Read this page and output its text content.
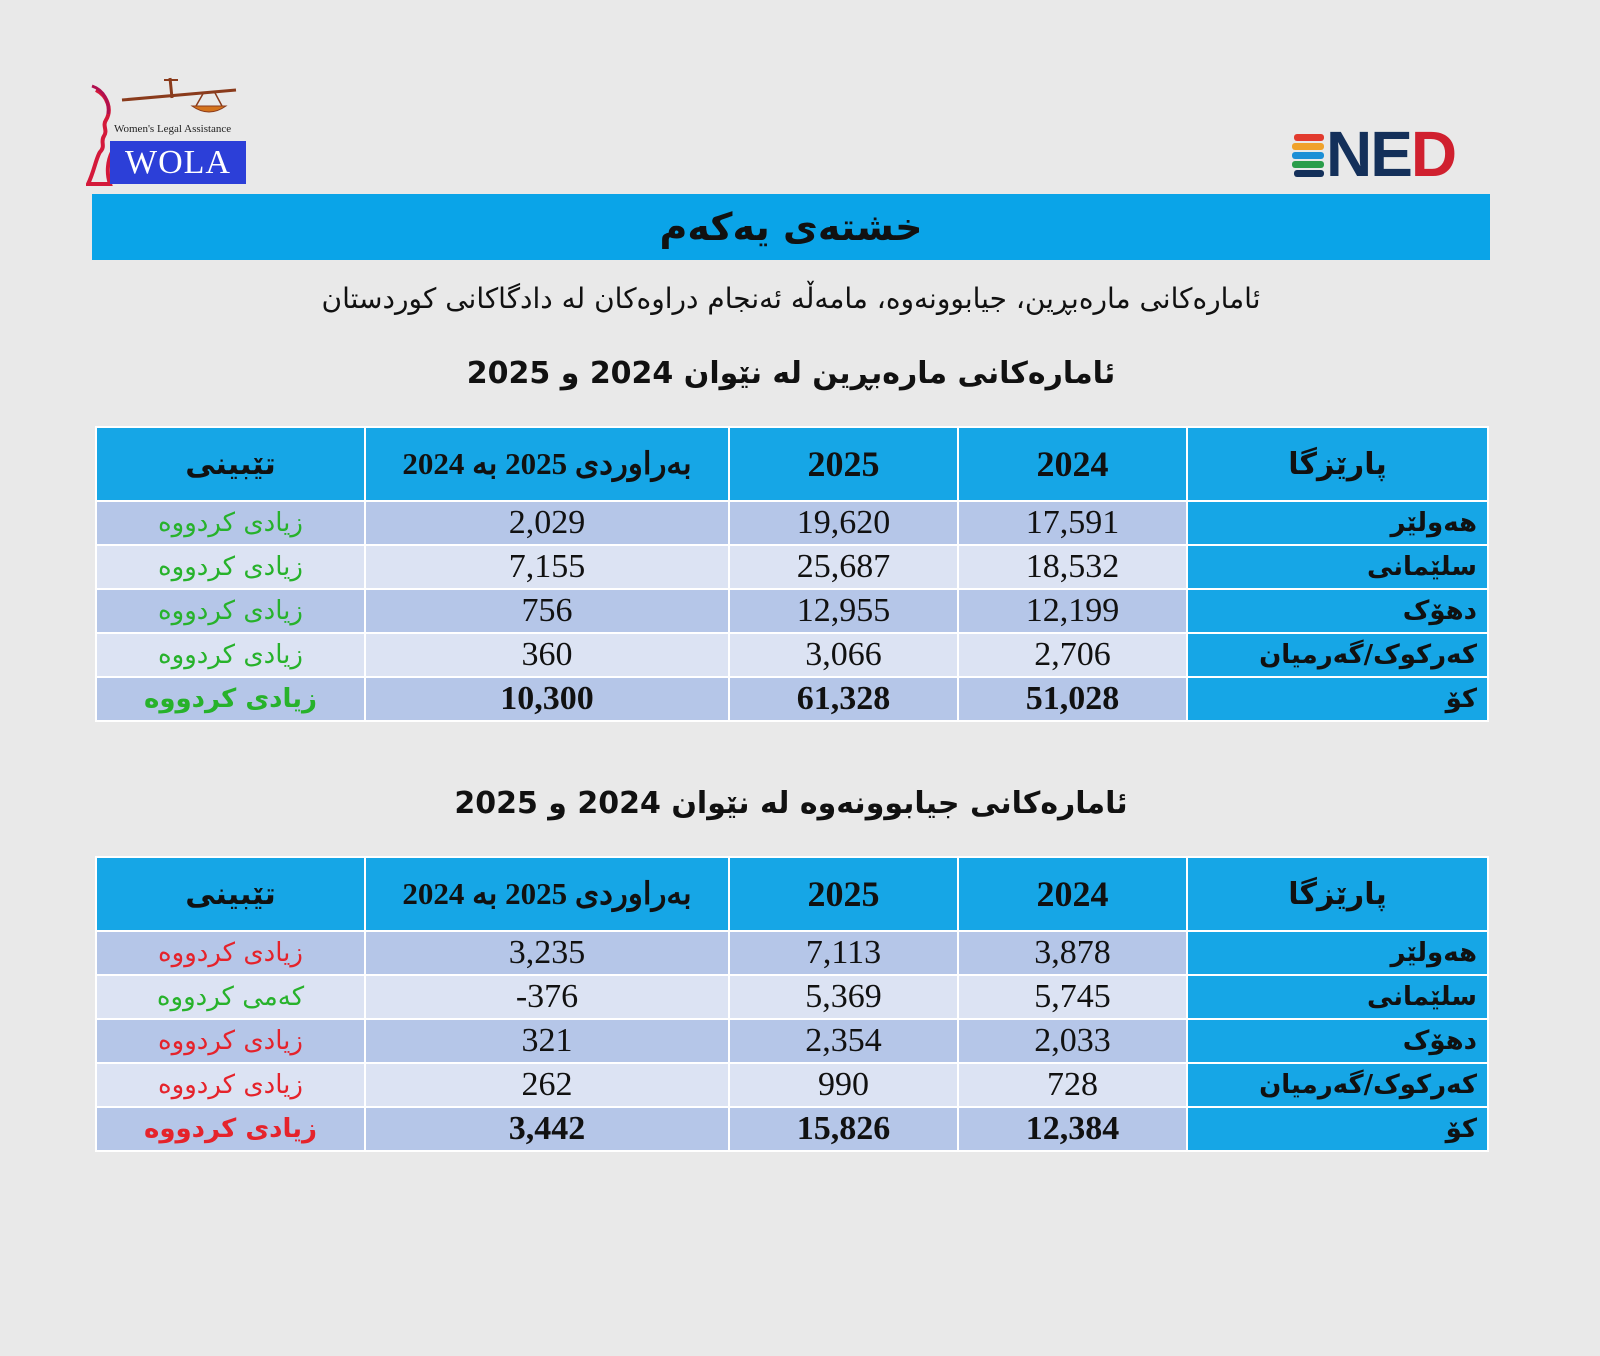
Women's Legal Assistance
WOLA	NED
خشتەی یەکەم
ئامارەکانی مارەبڕین، جیابوونەوە، مامەڵە ئەنجام دراوەکان لە دادگاکانی کوردستان
ئامارەکانی مارەبڕین لە نێوان 2024 و 2025
پارێزگا	2024	2025	بەراوردی 2025 بە 2024	تێبینی
هەولێر	17,591	19,620	2,029	زیادی کردووە
سلێمانی	18,532	25,687	7,155	زیادی کردووە
دهۆک	12,199	12,955	756	زیادی کردووە
کەرکوک/گەرمیان	2,706	3,066	360	زیادی کردووە
کۆ	51,028	61,328	10,300	زیادی کردووە
ئامارەکانی جیابوونەوە لە نێوان 2024 و 2025
پارێزگا	2024	2025	بەراوردی 2025 بە 2024	تێبینی
هەولێر	3,878	7,113	3,235	زیادی کردووە
سلێمانی	5,745	5,369	376-	کەمی کردووە
دهۆک	2,033	2,354	321	زیادی کردووە
کەرکوک/گەرمیان	728	990	262	زیادی کردووە
کۆ	12,384	15,826	3,442	زیادی کردووە
